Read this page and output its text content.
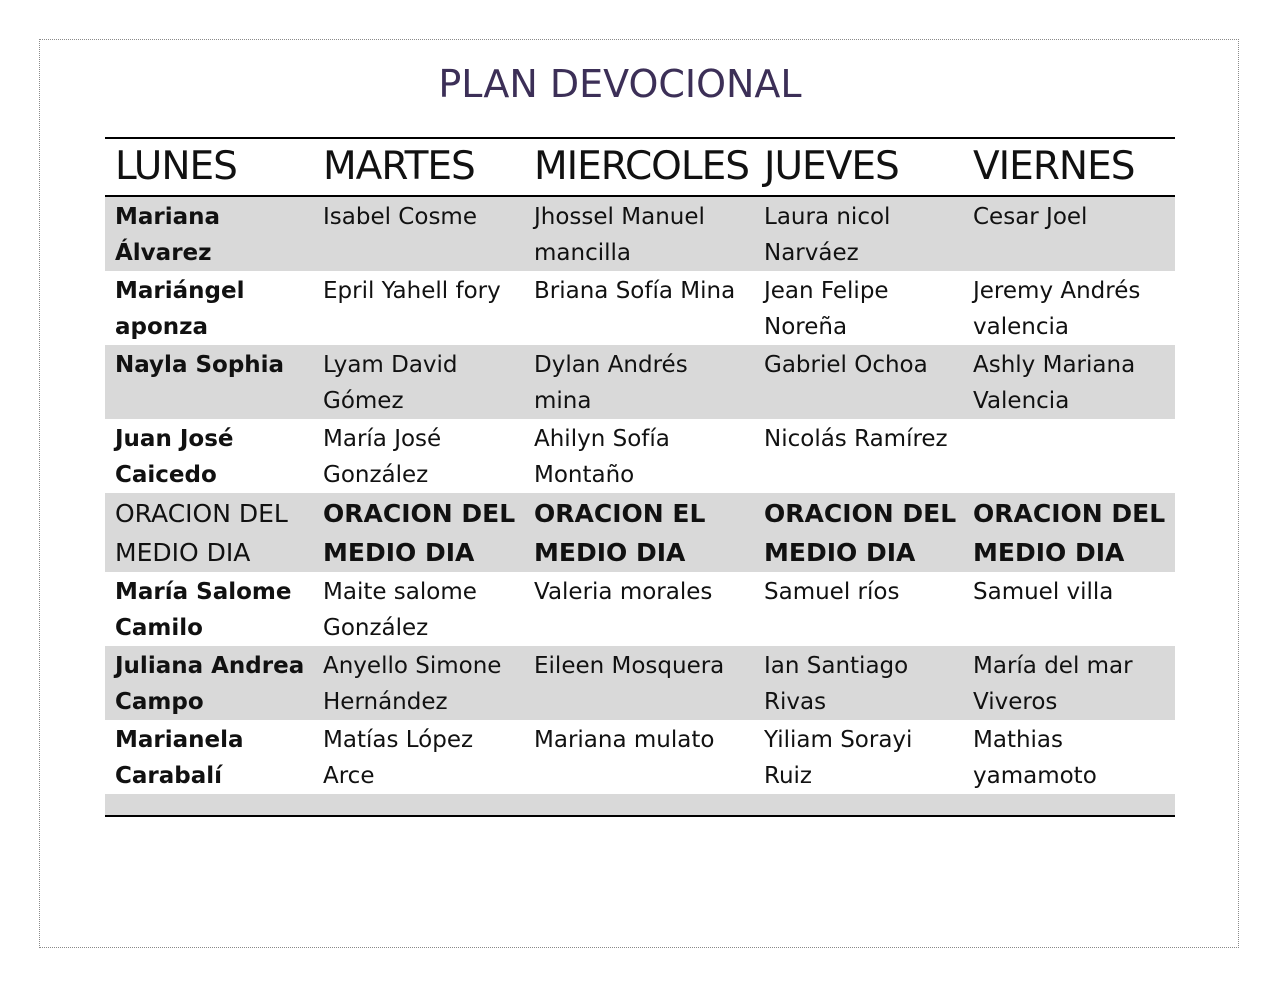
PLAN DEVOCIONAL
LUNES	MARTES	MIERCOLES	JUEVES	VIERNES
Mariana Álvarez	Isabel Cosme	Jhossel Manuel mancilla	Laura nicol Narváez	Cesar Joel
Mariángel aponza	Epril Yahell fory	Briana Sofía Mina	Jean Felipe Noreña	Jeremy Andrés valencia
Nayla Sophia	Lyam David Gómez	Dylan Andrés mina	Gabriel Ochoa	Ashly Mariana Valencia
Juan José Caicedo	María José González	Ahilyn Sofía Montaño	Nicolás Ramírez	
ORACION DEL MEDIO DIA	ORACION DEL MEDIO DIA	ORACION EL MEDIO DIA	ORACION DEL MEDIO DIA	ORACION DEL MEDIO DIA
María Salome Camilo	Maite salome González	Valeria morales	Samuel ríos	Samuel villa
Juliana Andrea Campo	Anyello Simone Hernández	Eileen Mosquera	Ian Santiago Rivas	María del mar Viveros
Marianela Carabalí	Matías López Arce	Mariana mulato	Yiliam Sorayi Ruiz	Mathias yamamoto
